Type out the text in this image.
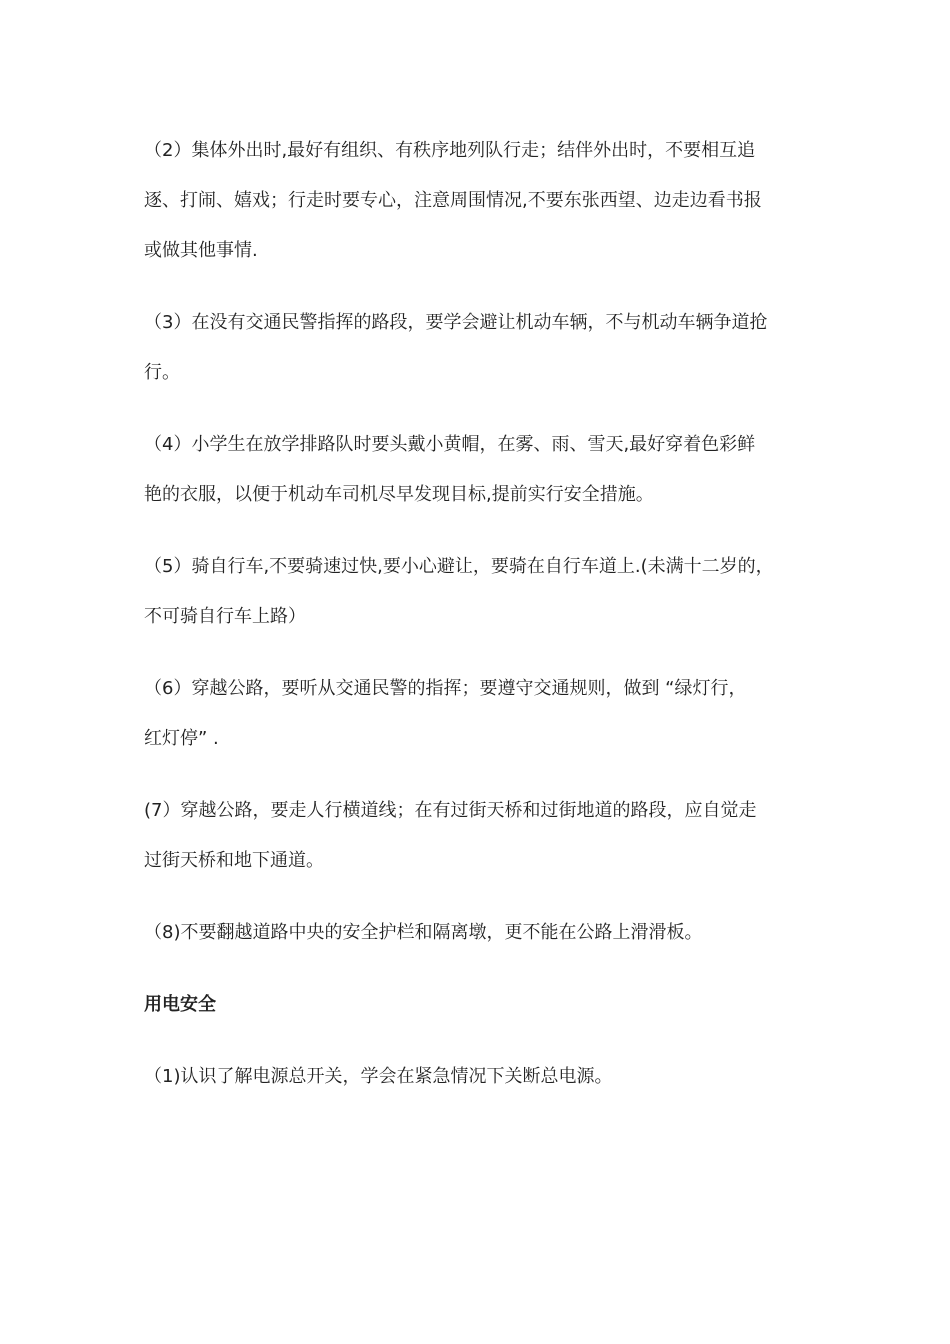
（2）集体外出时,最好有组织、有秩序地列队行走；结伴外出时，不要相互追
逐、打闹、嬉戏；行走时要专心，注意周围情况,不要东张西望、边走边看书报
或做其他事情.
（3）在没有交通民警指挥的路段，要学会避让机动车辆，不与机动车辆争道抢
行。
（4）小学生在放学排路队时要头戴小黄帽，在雾、雨、雪天,最好穿着色彩鲜
艳的衣服，以便于机动车司机尽早发现目标,提前实行安全措施。
（5）骑自行车,不要骑速过快,要小心避让，要骑在自行车道上.(未满十二岁的，
不可骑自行车上路）
（6）穿越公路，要听从交通民警的指挥；要遵守交通规则，做到 “绿灯行，
红灯停” .
(7）穿越公路，要走人行横道线；在有过街天桥和过街地道的路段，应自觉走
过街天桥和地下通道。
（8)不要翻越道路中央的安全护栏和隔离墩，更不能在公路上滑滑板。
用电安全
（1)认识了解电源总开关，学会在紧急情况下关断总电源。
